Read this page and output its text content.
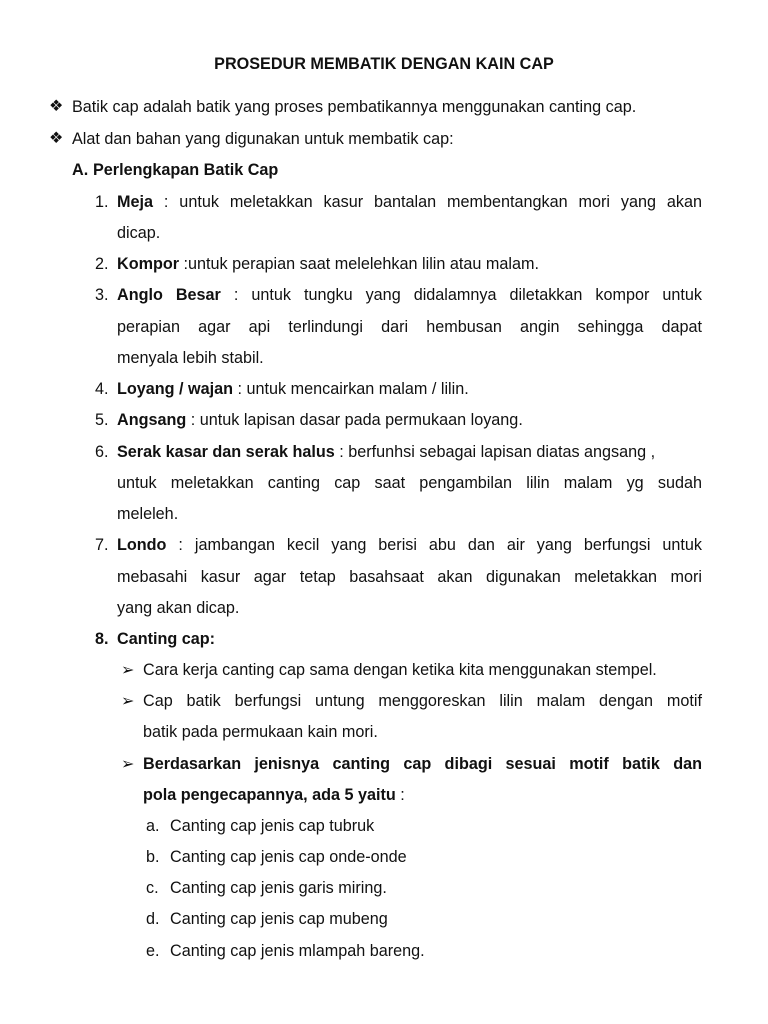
PROSEDUR MEMBATIK DENGAN KAIN CAP
❖ Batik cap adalah batik yang proses pembatikannya menggunakan canting cap.
❖ Alat dan bahan yang digunakan untuk membatik cap:
A. Perlengkapan Batik Cap
1. Meja : untuk meletakkan kasur bantalan membentangkan mori yang akan
dicap.
2. Kompor :untuk perapian saat melelehkan lilin atau malam.
3. Anglo Besar : untuk tungku yang didalamnya diletakkan kompor untuk
perapian agar api terlindungi dari hembusan angin sehingga dapat
menyala lebih stabil.
4. Loyang / wajan : untuk mencairkan malam / lilin.
5. Angsang : untuk lapisan dasar pada permukaan loyang.
6. Serak kasar dan serak halus : berfunhsi sebagai lapisan diatas angsang ,
untuk meletakkan canting cap saat pengambilan lilin malam yg sudah
meleleh.
7. Londo : jambangan kecil yang berisi abu dan air yang berfungsi untuk
mebasahi kasur agar tetap basahsaat akan digunakan meletakkan mori
yang akan dicap.
8. Canting cap:
➢ Cara kerja canting cap sama dengan ketika kita menggunakan stempel.
➢ Cap batik berfungsi untung menggoreskan lilin malam dengan motif
batik pada permukaan kain mori.
➢ Berdasarkan jenisnya canting cap dibagi sesuai motif batik dan
pola pengecapannya, ada 5 yaitu :
a. Canting cap jenis cap tubruk
b. Canting cap jenis cap onde-onde
c. Canting cap jenis garis miring.
d. Canting cap jenis cap mubeng
e. Canting cap jenis mlampah bareng.
